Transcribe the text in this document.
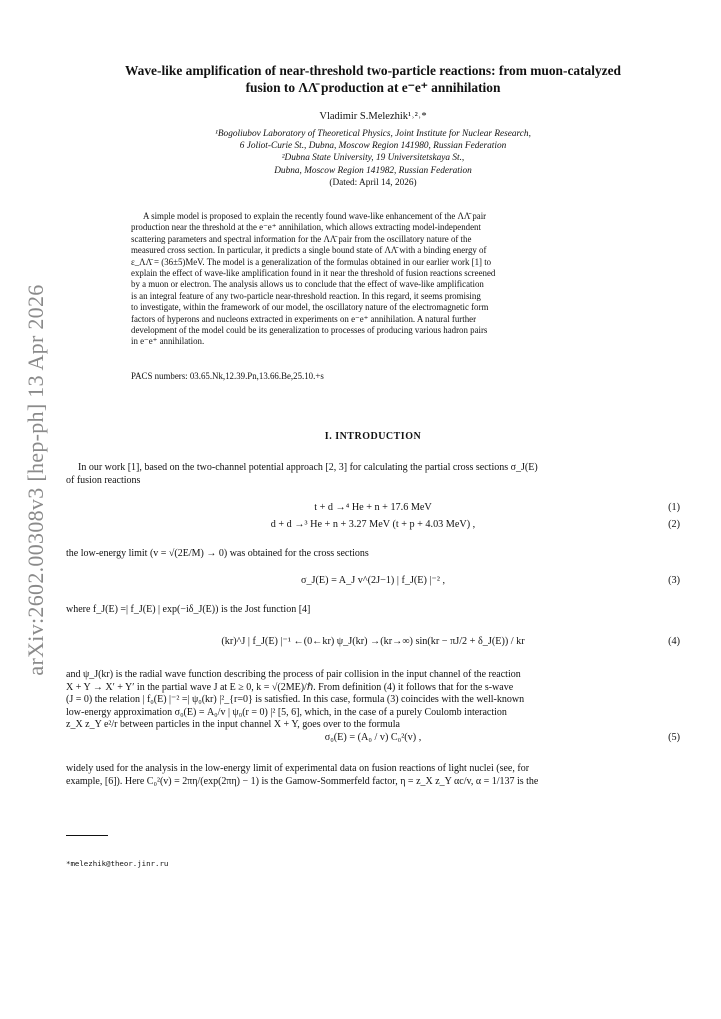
arXiv:2602.00308v3 [hep-ph] 13 Apr 2026
Wave-like amplification of near-threshold two-particle reactions: from muon-catalyzed
fusion to ΛΛ̄ production at e⁻e⁺ annihilation
Vladimir S.Melezhik¹˒²˒*
¹Bogoliubov Laboratory of Theoretical Physics, Joint Institute for Nuclear Research,
6 Joliot-Curie St., Dubna, Moscow Region 141980, Russian Federation
²Dubna State University, 19 Universitetskaya St.,
Dubna, Moscow Region 141982, Russian Federation
(Dated: April 14, 2026)
A simple model is proposed to explain the recently found wave-like enhancement of the ΛΛ̄ pair
production near the threshold at the e⁻e⁺ annihilation, which allows extracting model-independent
scattering parameters and spectral information for the ΛΛ̄ pair from the oscillatory nature of the
measured cross section. In particular, it predicts a single bound state of ΛΛ̄ with a binding energy of
ε_ΛΛ̄ = (36±5)MeV. The model is a generalization of the formulas obtained in our earlier work [1] to
explain the effect of wave-like amplification found in it near the threshold of fusion reactions screened
by a muon or electron. The analysis allows us to conclude that the effect of wave-like amplification
is an integral feature of any two-particle near-threshold reaction. In this regard, it seems promising
to investigate, within the framework of our model, the oscillatory nature of the electromagnetic form
factors of hyperons and nucleons extracted in experiments on e⁻e⁺ annihilation. A natural further
development of the model could be its generalization to processes of producing various hadron pairs
in e⁻e⁺ annihilation.
PACS numbers: 03.65.Nk,12.39.Pn,13.66.Be,25.10.+s
I. INTRODUCTION
In our work [1], based on the two-channel potential approach [2, 3] for calculating the partial cross sections σ_J(E)
of fusion reactions
t + d →⁴ He + n + 17.6 MeV	(1)
d + d →³ He + n + 3.27 MeV (t + p + 4.03 MeV) ,	(2)
the low-energy limit (v = √(2E/M) → 0) was obtained for the cross sections
σ_J(E) = A_J v^(2J−1) | f_J(E) |⁻² ,	(3)
where f_J(E) =| f_J(E) | exp(−iδ_J(E)) is the Jost function [4]
(kr)^J | f_J(E) |⁻¹ ←(0←kr) ψ_J(kr) →(kr→∞) sin(kr − πJ/2 + δ_J(E)) / kr	(4)
and ψ_J(kr) is the radial wave function describing the process of pair collision in the input channel of the reaction
X + Y → X′ + Y′ in the partial wave J at E ≥ 0, k = √(2ME)/ℏ. From definition (4) it follows that for the s-wave
(J = 0) the relation | f₀(E) |⁻² =| ψ₀(kr) |²_{r=0} is satisfied. In this case, formula (3) coincides with the well-known
low-energy approximation σ₀(E) = A₀/v | ψ₀(r = 0) |² [5, 6], which, in the case of a purely Coulomb interaction
z_X z_Y e²/r between particles in the input channel X + Y, goes over to the formula
σ₀(E) = (A₀ / v) C₀²(v) ,	(5)
widely used for the analysis in the low-energy limit of experimental data on fusion reactions of light nuclei (see, for
example, [6]). Here C₀²(v) = 2πη/(exp(2πη) − 1) is the Gamow-Sommerfeld factor, η = z_X z_Y αc/v, α = 1/137 is the
*melezhik@theor.jinr.ru
